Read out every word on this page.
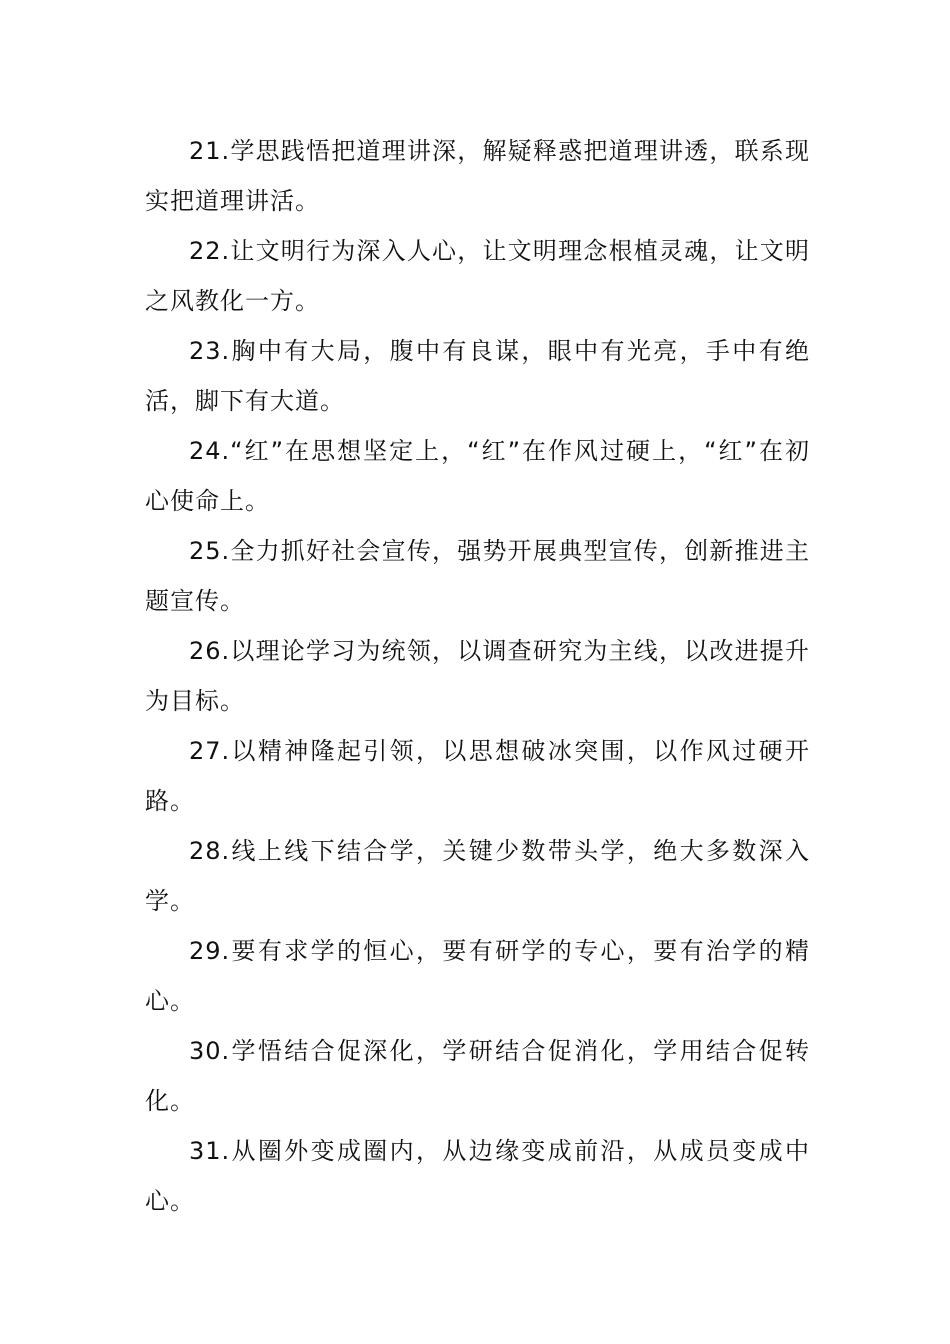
21.学思践悟把道理讲深，解疑释惑把道理讲透，联系现实把道理讲活。

22.让文明行为深入人心，让文明理念根植灵魂，让文明之风教化一方。

23.胸中有大局，腹中有良谋，眼中有光亮，手中有绝活，脚下有大道。

24.“红”在思想坚定上，“红”在作风过硬上，“红”在初心使命上。

25.全力抓好社会宣传，强势开展典型宣传，创新推进主题宣传。

26.以理论学习为统领，以调查研究为主线，以改进提升为目标。

27.以精神隆起引领，以思想破冰突围，以作风过硬开路。

28.线上线下结合学，关键少数带头学，绝大多数深入学。

29.要有求学的恒心，要有研学的专心，要有治学的精心。

30.学悟结合促深化，学研结合促消化，学用结合促转化。

31.从圈外变成圈内，从边缘变成前沿，从成员变成中心。
